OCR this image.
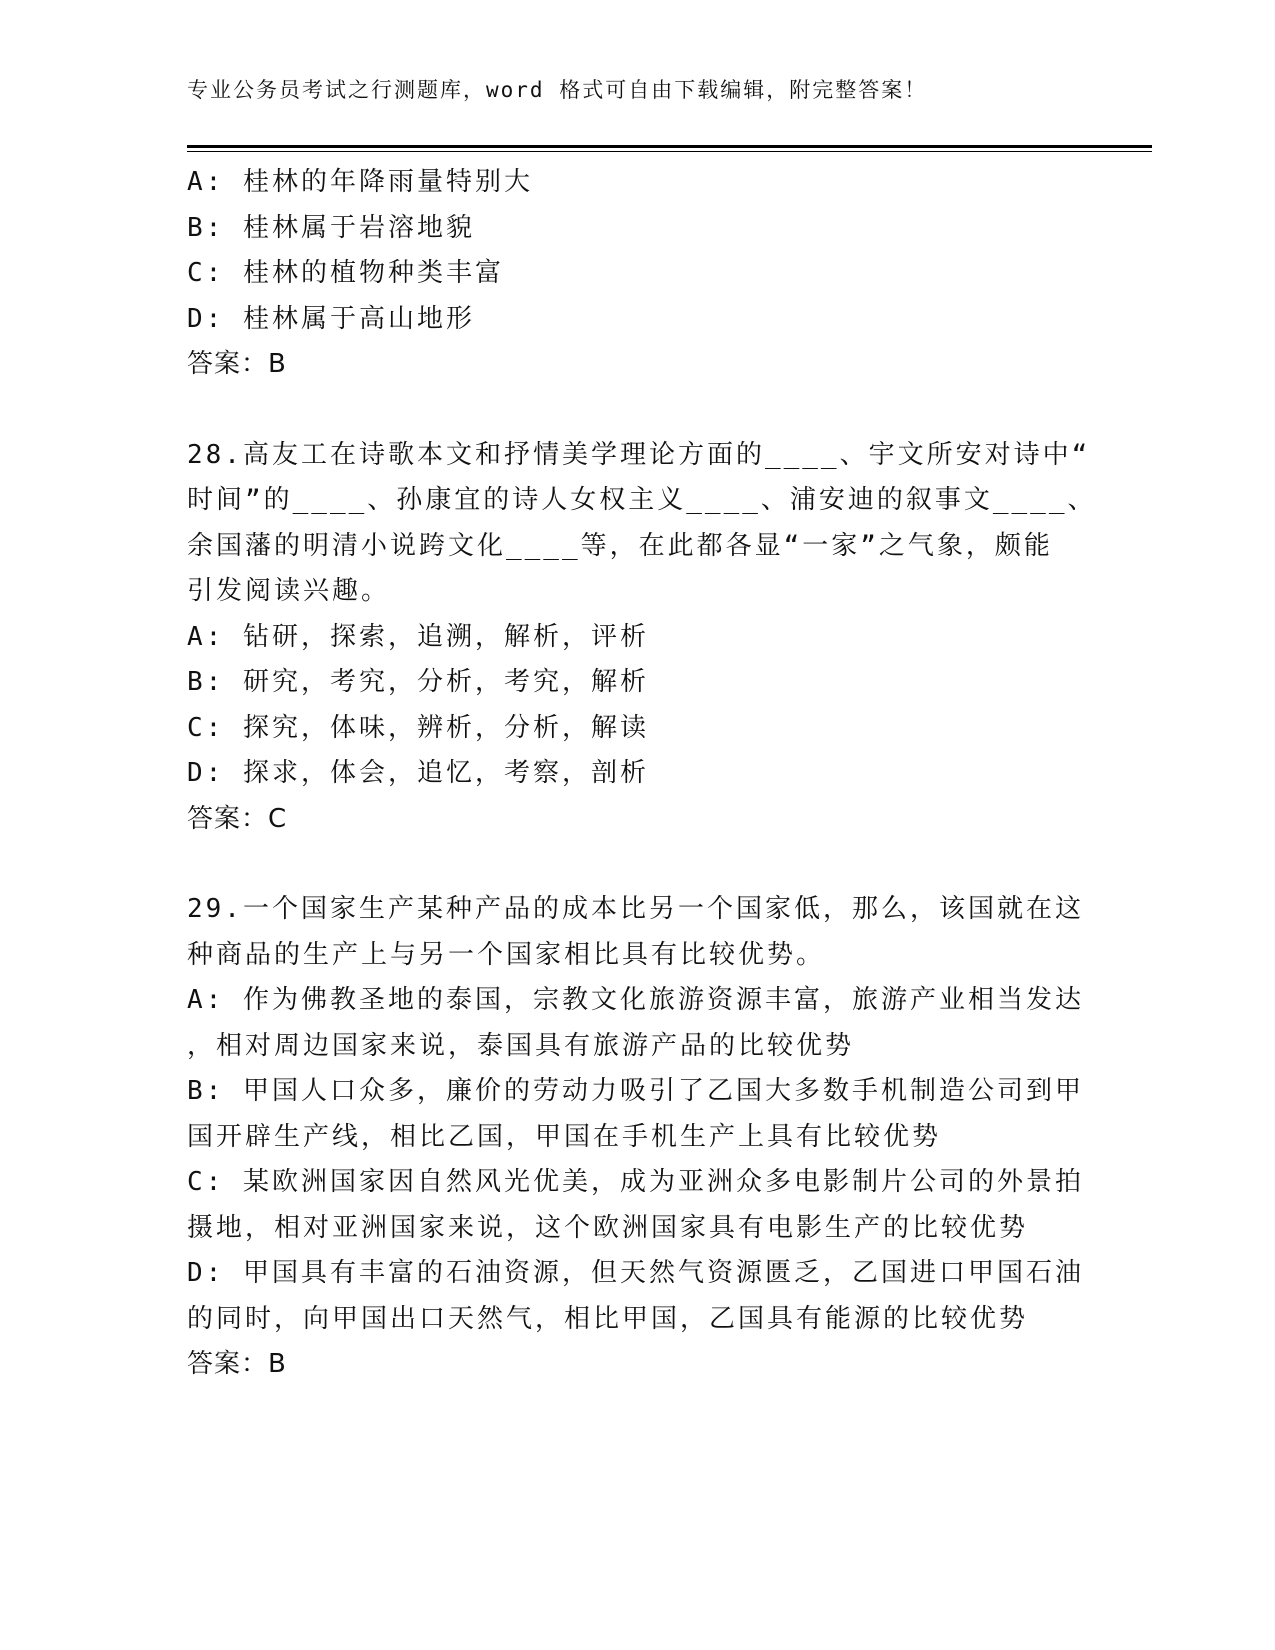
专业公务员考试之行测题库，word 格式可自由下载编辑，附完整答案！
A: 桂林的年降雨量特别大
B: 桂林属于岩溶地貌
C: 桂林的植物种类丰富
D: 桂林属于高山地形
答案：B
28.高友工在诗歌本文和抒情美学理论方面的____、宇文所安对诗中“
时间”的____、孙康宜的诗人女权主义____、浦安迪的叙事文____、
余国藩的明清小说跨文化____等，在此都各显“一家”之气象，颇能
引发阅读兴趣。
A: 钻研，探索，追溯，解析，评析
B: 研究，考究，分析，考究，解析
C: 探究，体味，辨析，分析，解读
D: 探求，体会，追忆，考察，剖析
答案：C
29.一个国家生产某种产品的成本比另一个国家低，那么，该国就在这
种商品的生产上与另一个国家相比具有比较优势。
A: 作为佛教圣地的泰国，宗教文化旅游资源丰富，旅游产业相当发达
，相对周边国家来说，泰国具有旅游产品的比较优势
B: 甲国人口众多，廉价的劳动力吸引了乙国大多数手机制造公司到甲
国开辟生产线，相比乙国，甲国在手机生产上具有比较优势
C: 某欧洲国家因自然风光优美，成为亚洲众多电影制片公司的外景拍
摄地，相对亚洲国家来说，这个欧洲国家具有电影生产的比较优势
D: 甲国具有丰富的石油资源，但天然气资源匮乏，乙国进口甲国石油
的同时，向甲国出口天然气，相比甲国，乙国具有能源的比较优势
答案：B
